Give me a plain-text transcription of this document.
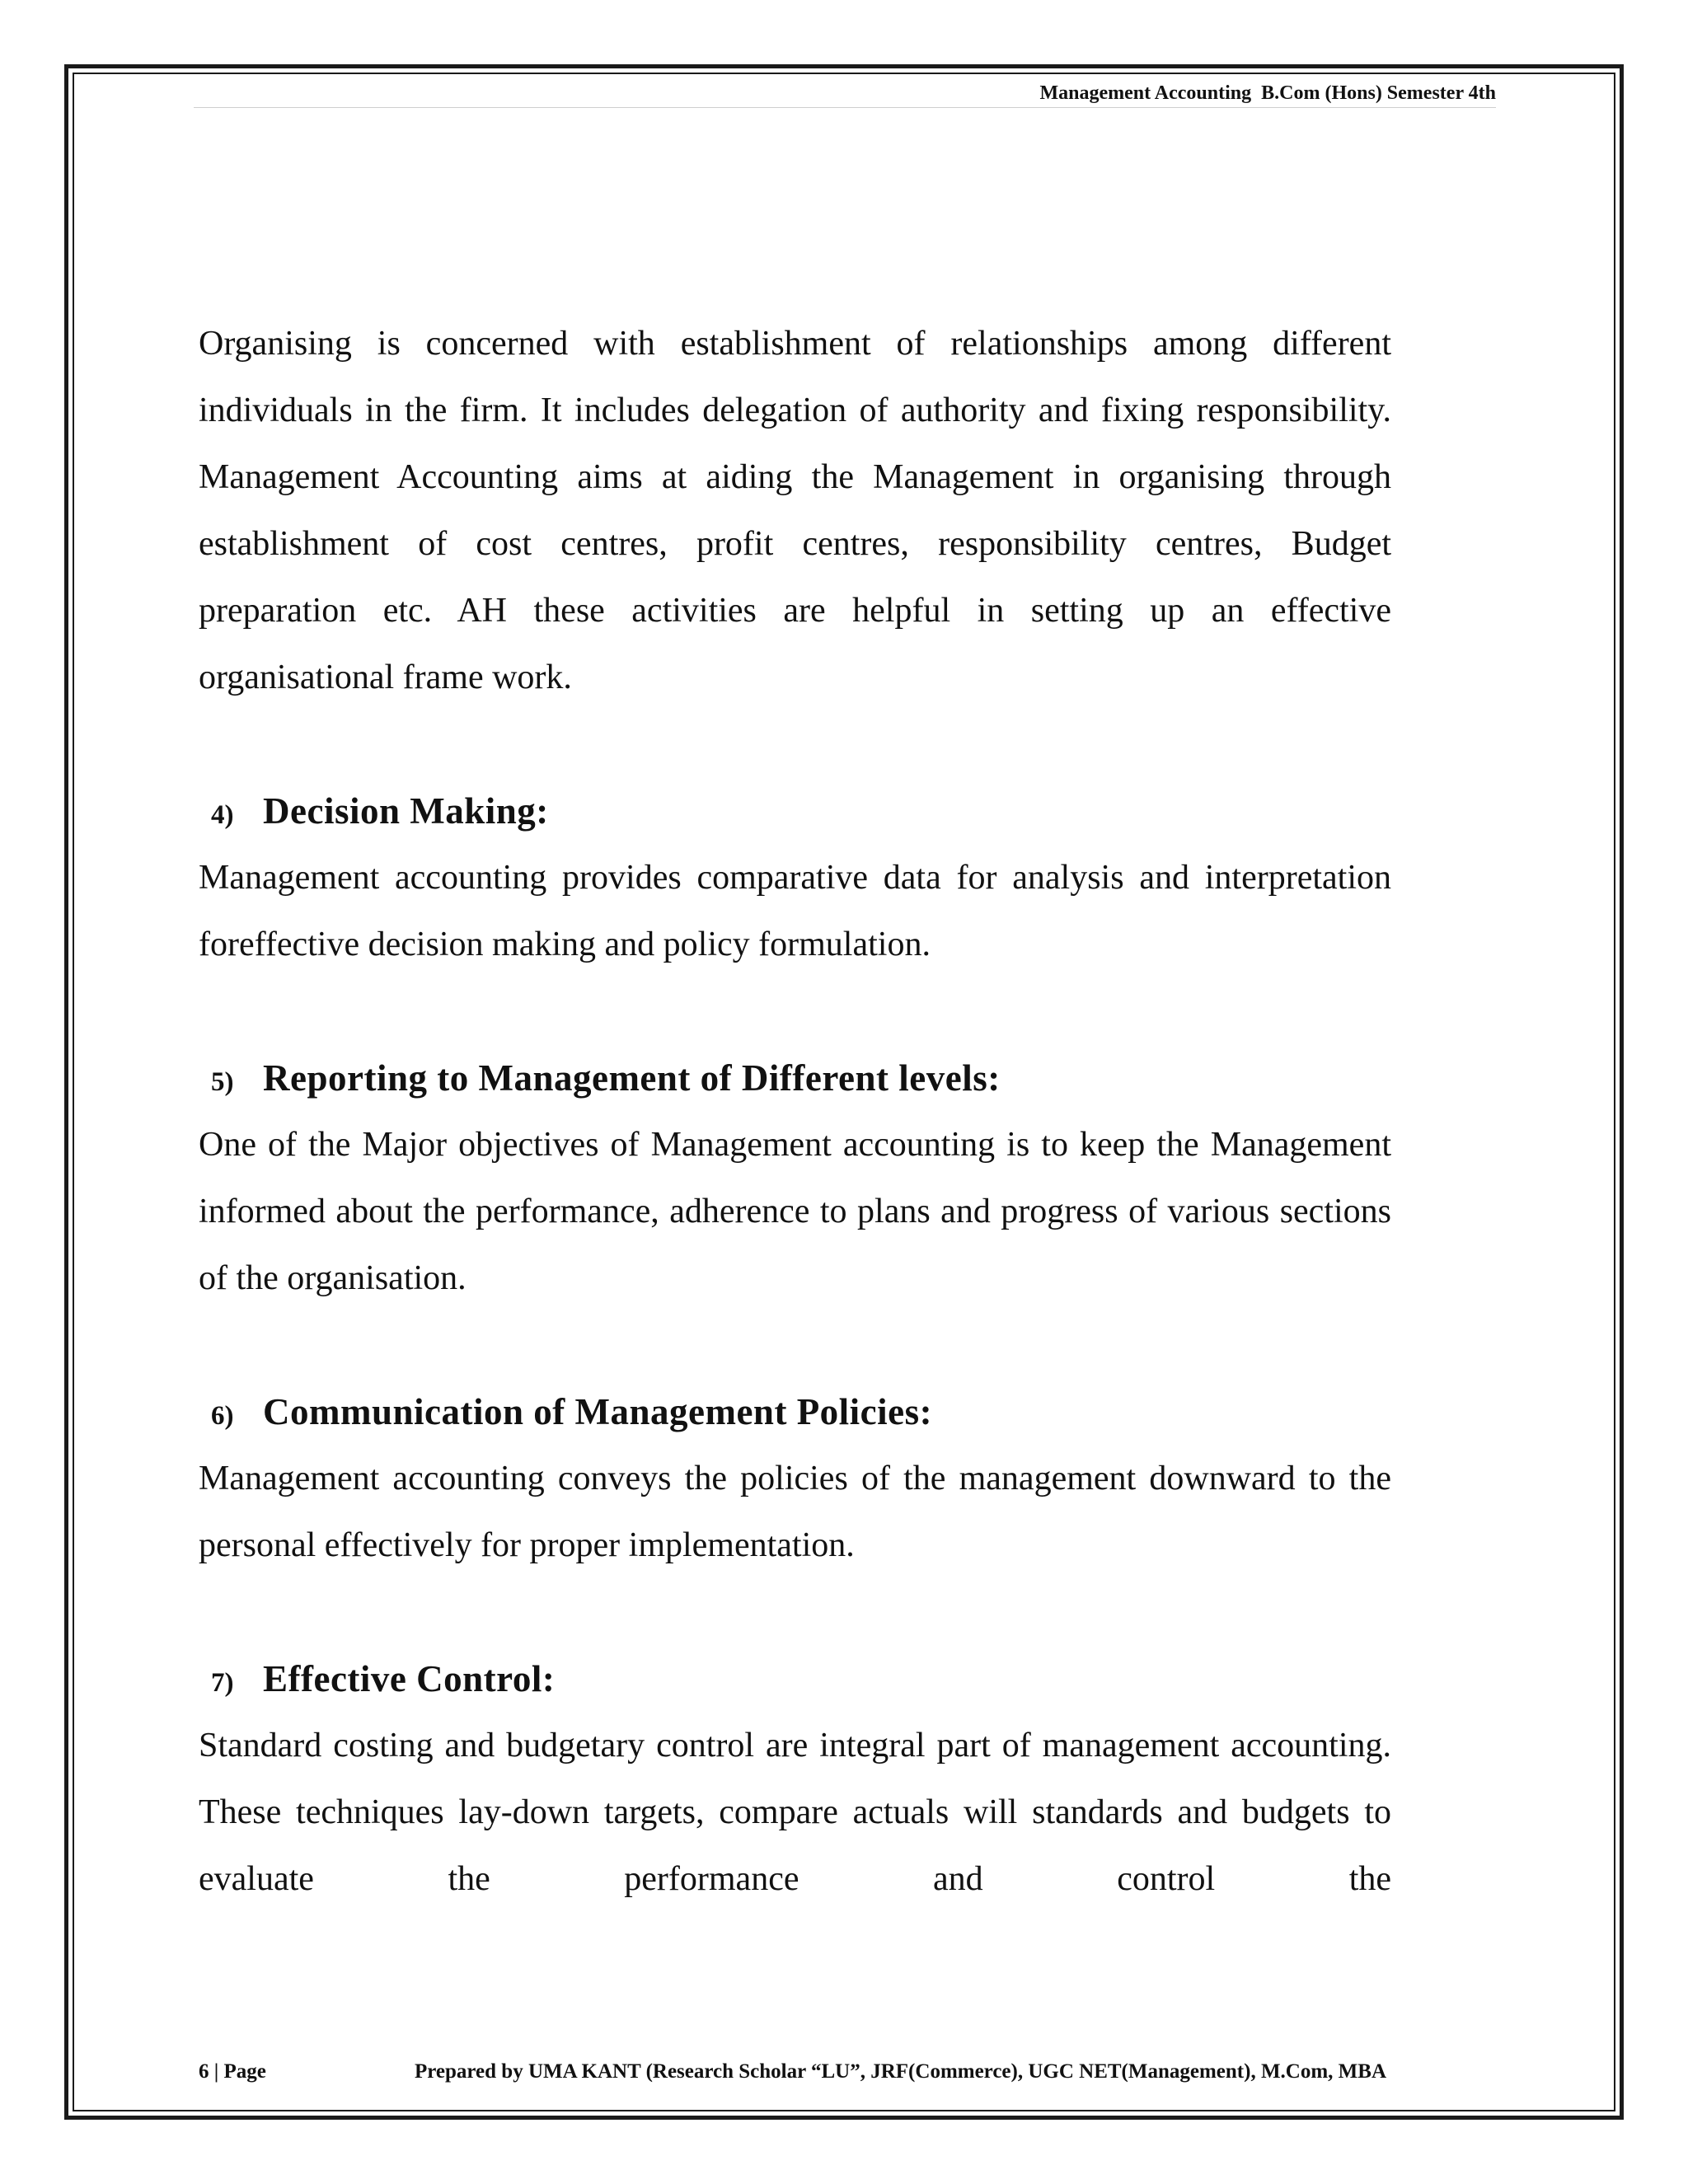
Management Accounting  B.Com (Hons) Semester 4th

Organising is concerned with establishment of relationships among different individuals in the firm. It includes delegation of authority and fixing responsibility. Management Accounting aims at aiding the Management in organising through establishment of cost centres, profit centres, responsibility centres, Budget preparation etc. AH these activities are helpful in setting up an effective organisational frame work.

4) Decision Making:

Management accounting provides comparative data for analysis and interpretation foreffective decision making and policy formulation.

5) Reporting to Management of Different levels:

One of the Major objectives of Management accounting is to keep the Management informed about the performance, adherence to plans and progress of various sections of the organisation.

6) Communication of Management Policies:

Management accounting conveys the policies of the management downward to the personal effectively for proper implementation.

7) Effective Control:

Standard costing and budgetary control are integral part of management accounting. These techniques lay-down targets, compare actuals will standards and budgets to evaluate the performance and control the

6 | Page	Prepared by UMA KANT (Research Scholar “LU”, JRF(Commerce), UGC NET(Management), M.Com, MBA
